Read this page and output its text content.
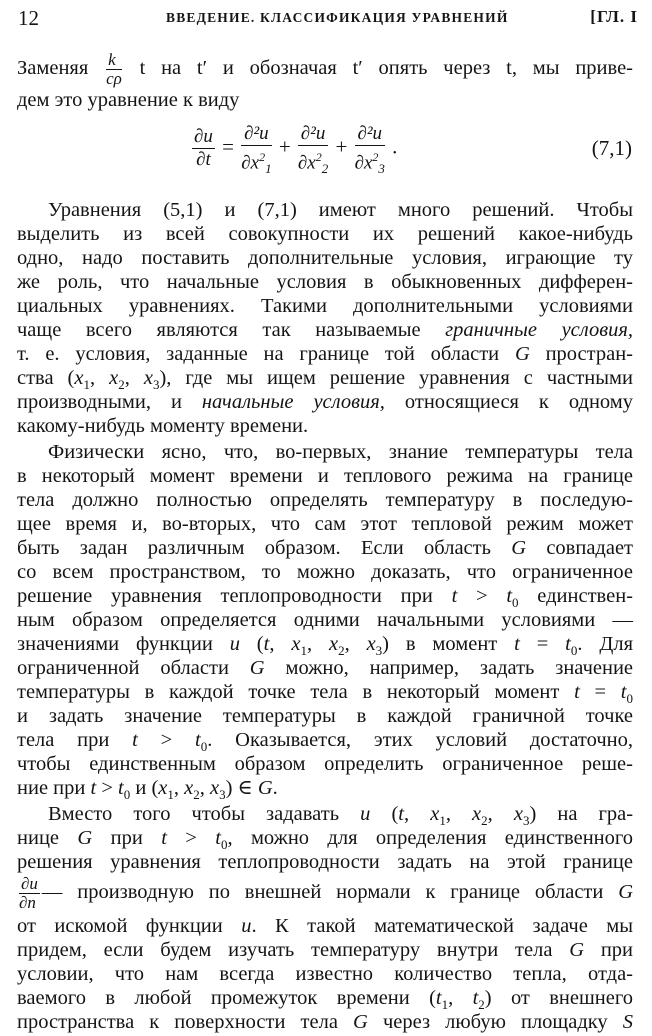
12	ВВЕДЕНИЕ. КЛАССИФИКАЦИЯ УРАВНЕНИЙ	[ГЛ. I
Заменяя $\frac{k}{c\rho}$ t на t′ и обозначая t′ опять через t, мы приве-
дем это уравнение к виду
$\frac{\partial u}{\partial t} = \frac{\text{∂²u}}{\partial x^2_1} + \frac{\text{∂²u}}{\partial x^2_2} + \frac{\text{∂²u}}{\partial x^2_3}$ .	(7,1)
Уравнения (5,1) и (7,1) имеют много решений. Чтобы
выделить из всей совокупности их решений какое-нибудь
одно, надо поставить дополнительные условия, играющие ту
же роль, что начальные условия в обыкновенных дифферен-
циальных уравнениях. Такими дополнительными условиями
чаще всего являются так называемые граничные условия,
т. е. условия, заданные на границе той области G простран-
ства ($x_1$, $x_2$, $x_3$), где мы ищем решение уравнения с частными
производными, и начальные условия, относящиеся к одному
какому-нибудь моменту времени.
Физически ясно, что, во-первых, знание температуры тела
в некоторый момент времени и теплового режима на границе
тела должно полностью определять температуру в последую-
щее время и, во-вторых, что сам этот тепловой режим может
быть задан различным образом. Если область G совпадает
со всем пространством, то можно доказать, что ограниченное
решение уравнения теплопроводности при $t > t_0$ единствен-
ным образом определяется одними начальными условиями —
значениями функции u (t, $x_1$, $x_2$, $x_3$) в момент $t = t_0$. Для
ограниченной области G можно, например, задать значение
температуры в каждой точке тела в некоторый момент $t = t_0$
и задать значение температуры в каждой граничной точке
тела при $t > t_0$. Оказывается, этих условий достаточно,
чтобы единственным образом определить ограниченное реше-
ние при $t > t_0$ и ($x_1$, $x_2$, $x_3$) ∈ G.
Вместо того чтобы задавать u (t, $x_1$, $x_2$, $x_3$) на гра-
нице G при $t > t_0$, можно для определения единственного
решения уравнения теплопроводности задать на этой границе
$\frac{\partial u}{\partial n}$ — производную по внешней нормали к границе области G
от искомой функции u. К такой математической задаче мы
придем, если будем изучать температуру внутри тела G при
условии, что нам всегда известно количество тепла, отда-
ваемого в любой промежуток времени ($t_1$, $t_2$) от внешнего
пространства к поверхности тела G через любую площадку S
